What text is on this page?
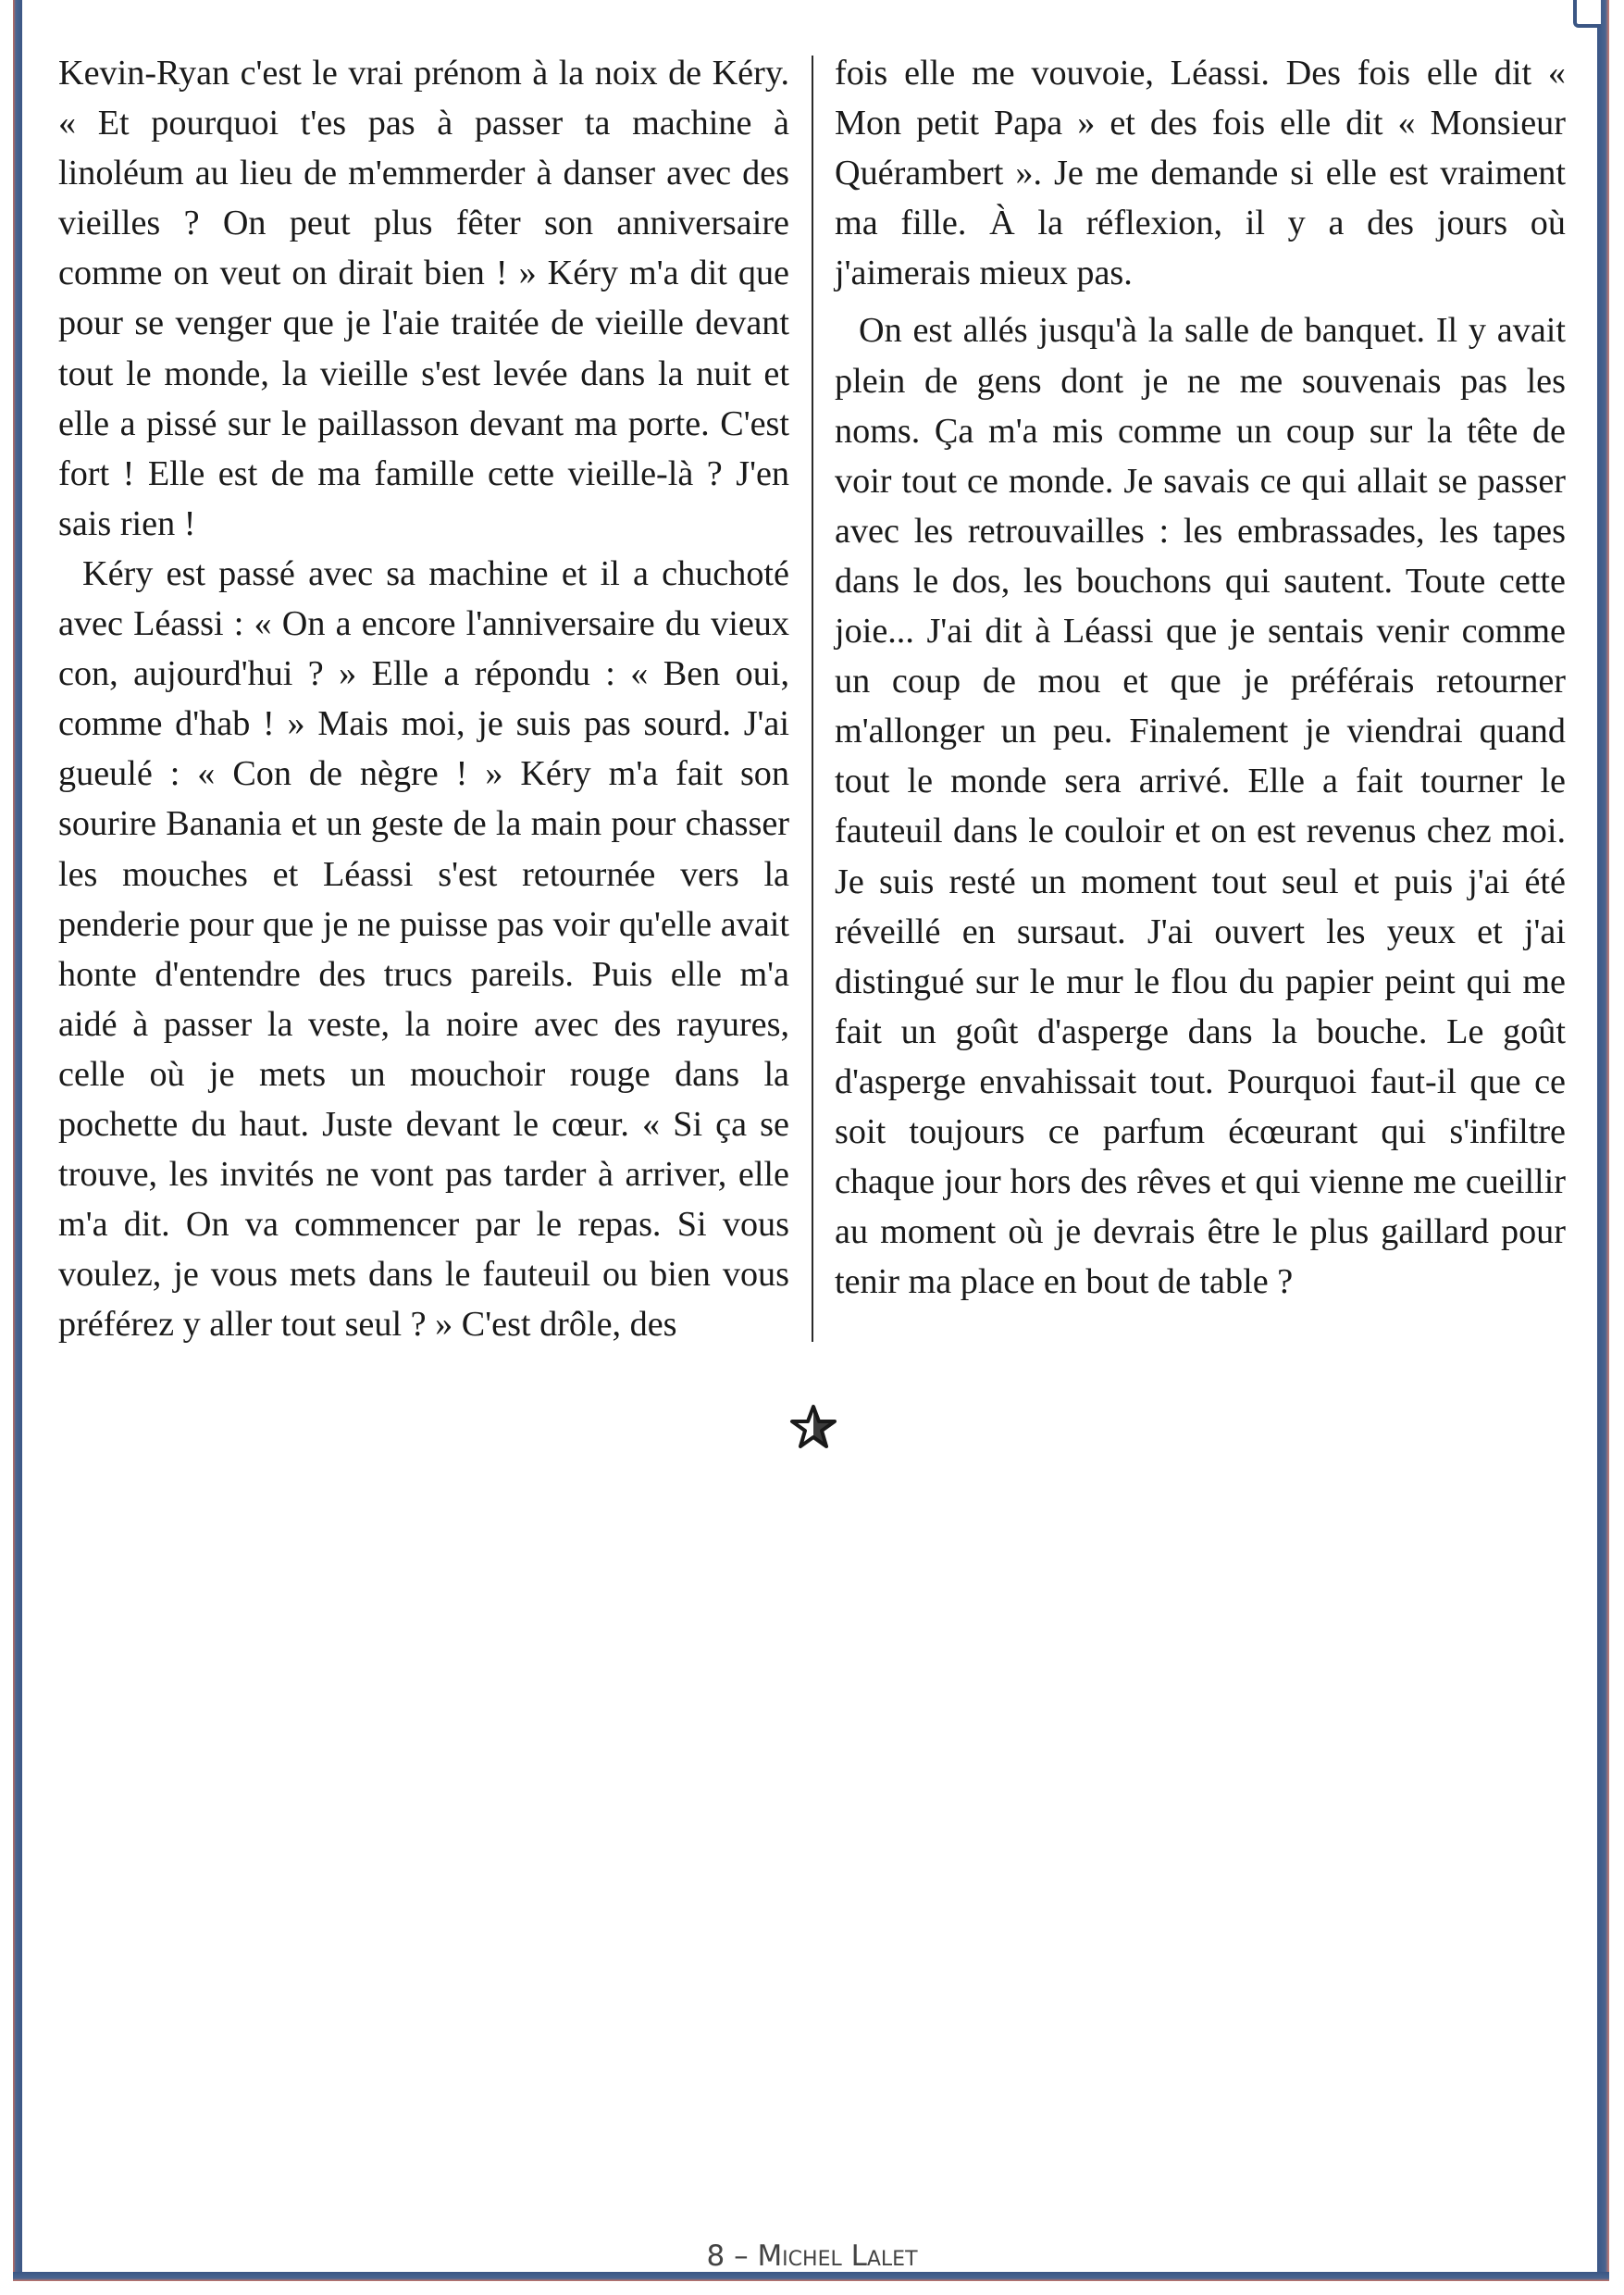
Kevin-Ryan c'est le vrai prénom à la noix de Kéry. « Et pourquoi t'es pas à passer ta machine à linoléum au lieu de m'emmerder à danser avec des vieilles ? On peut plus fêter son anniversaire comme on veut on dirait bien ! » Kéry m'a dit que pour se venger que je l'aie traitée de vieille devant tout le monde, la vieille s'est levée dans la nuit et elle a pissé sur le paillasson devant ma porte. C'est fort ! Elle est de ma famille cette vieille-là ? J'en sais rien !

Kéry est passé avec sa machine et il a chuchoté avec Léassi : « On a encore l'anniversaire du vieux con, aujourd'hui ? » Elle a répondu : « Ben oui, comme d'hab ! » Mais moi, je suis pas sourd. J'ai gueulé : « Con de nègre ! » Kéry m'a fait son sourire Banania et un geste de la main pour chasser les mouches et Léassi s'est retournée vers la penderie pour que je ne puisse pas voir qu'elle avait honte d'entendre des trucs pareils. Puis elle m'a aidé à passer la veste, la noire avec des rayures, celle où je mets un mouchoir rouge dans la pochette du haut. Juste devant le cœur. « Si ça se trouve, les invités ne vont pas tarder à arriver, elle m'a dit. On va commencer par le repas. Si vous voulez, je vous mets dans le fauteuil ou bien vous préférez y aller tout seul ? » C'est drôle, des

fois elle me vouvoie, Léassi. Des fois elle dit « Mon petit Papa » et des fois elle dit « Monsieur Quérambert ». Je me demande si elle est vraiment ma fille. À la réflexion, il y a des jours où j'aimerais mieux pas.

On est allés jusqu'à la salle de banquet. Il y avait plein de gens dont je ne me souvenais pas les noms. Ça m'a mis comme un coup sur la tête de voir tout ce monde. Je savais ce qui allait se passer avec les retrouvailles : les embrassades, les tapes dans le dos, les bouchons qui sautent. Toute cette joie... J'ai dit à Léassi que je sentais venir comme un coup de mou et que je préférais retourner m'allonger un peu. Finalement je viendrai quand tout le monde sera arrivé. Elle a fait tourner le fauteuil dans le couloir et on est revenus chez moi. Je suis resté un moment tout seul et puis j'ai été réveillé en sursaut. J'ai ouvert les yeux et j'ai distingué sur le mur le flou du papier peint qui me fait un goût d'asperge dans la bouche. Le goût d'asperge envahissait tout. Pourquoi faut-il que ce soit toujours ce parfum écœurant qui s'infiltre chaque jour hors des rêves et qui vienne me cueillir au moment où je devrais être le plus gaillard pour tenir ma place en bout de table ?

8 – Michel Lalet
